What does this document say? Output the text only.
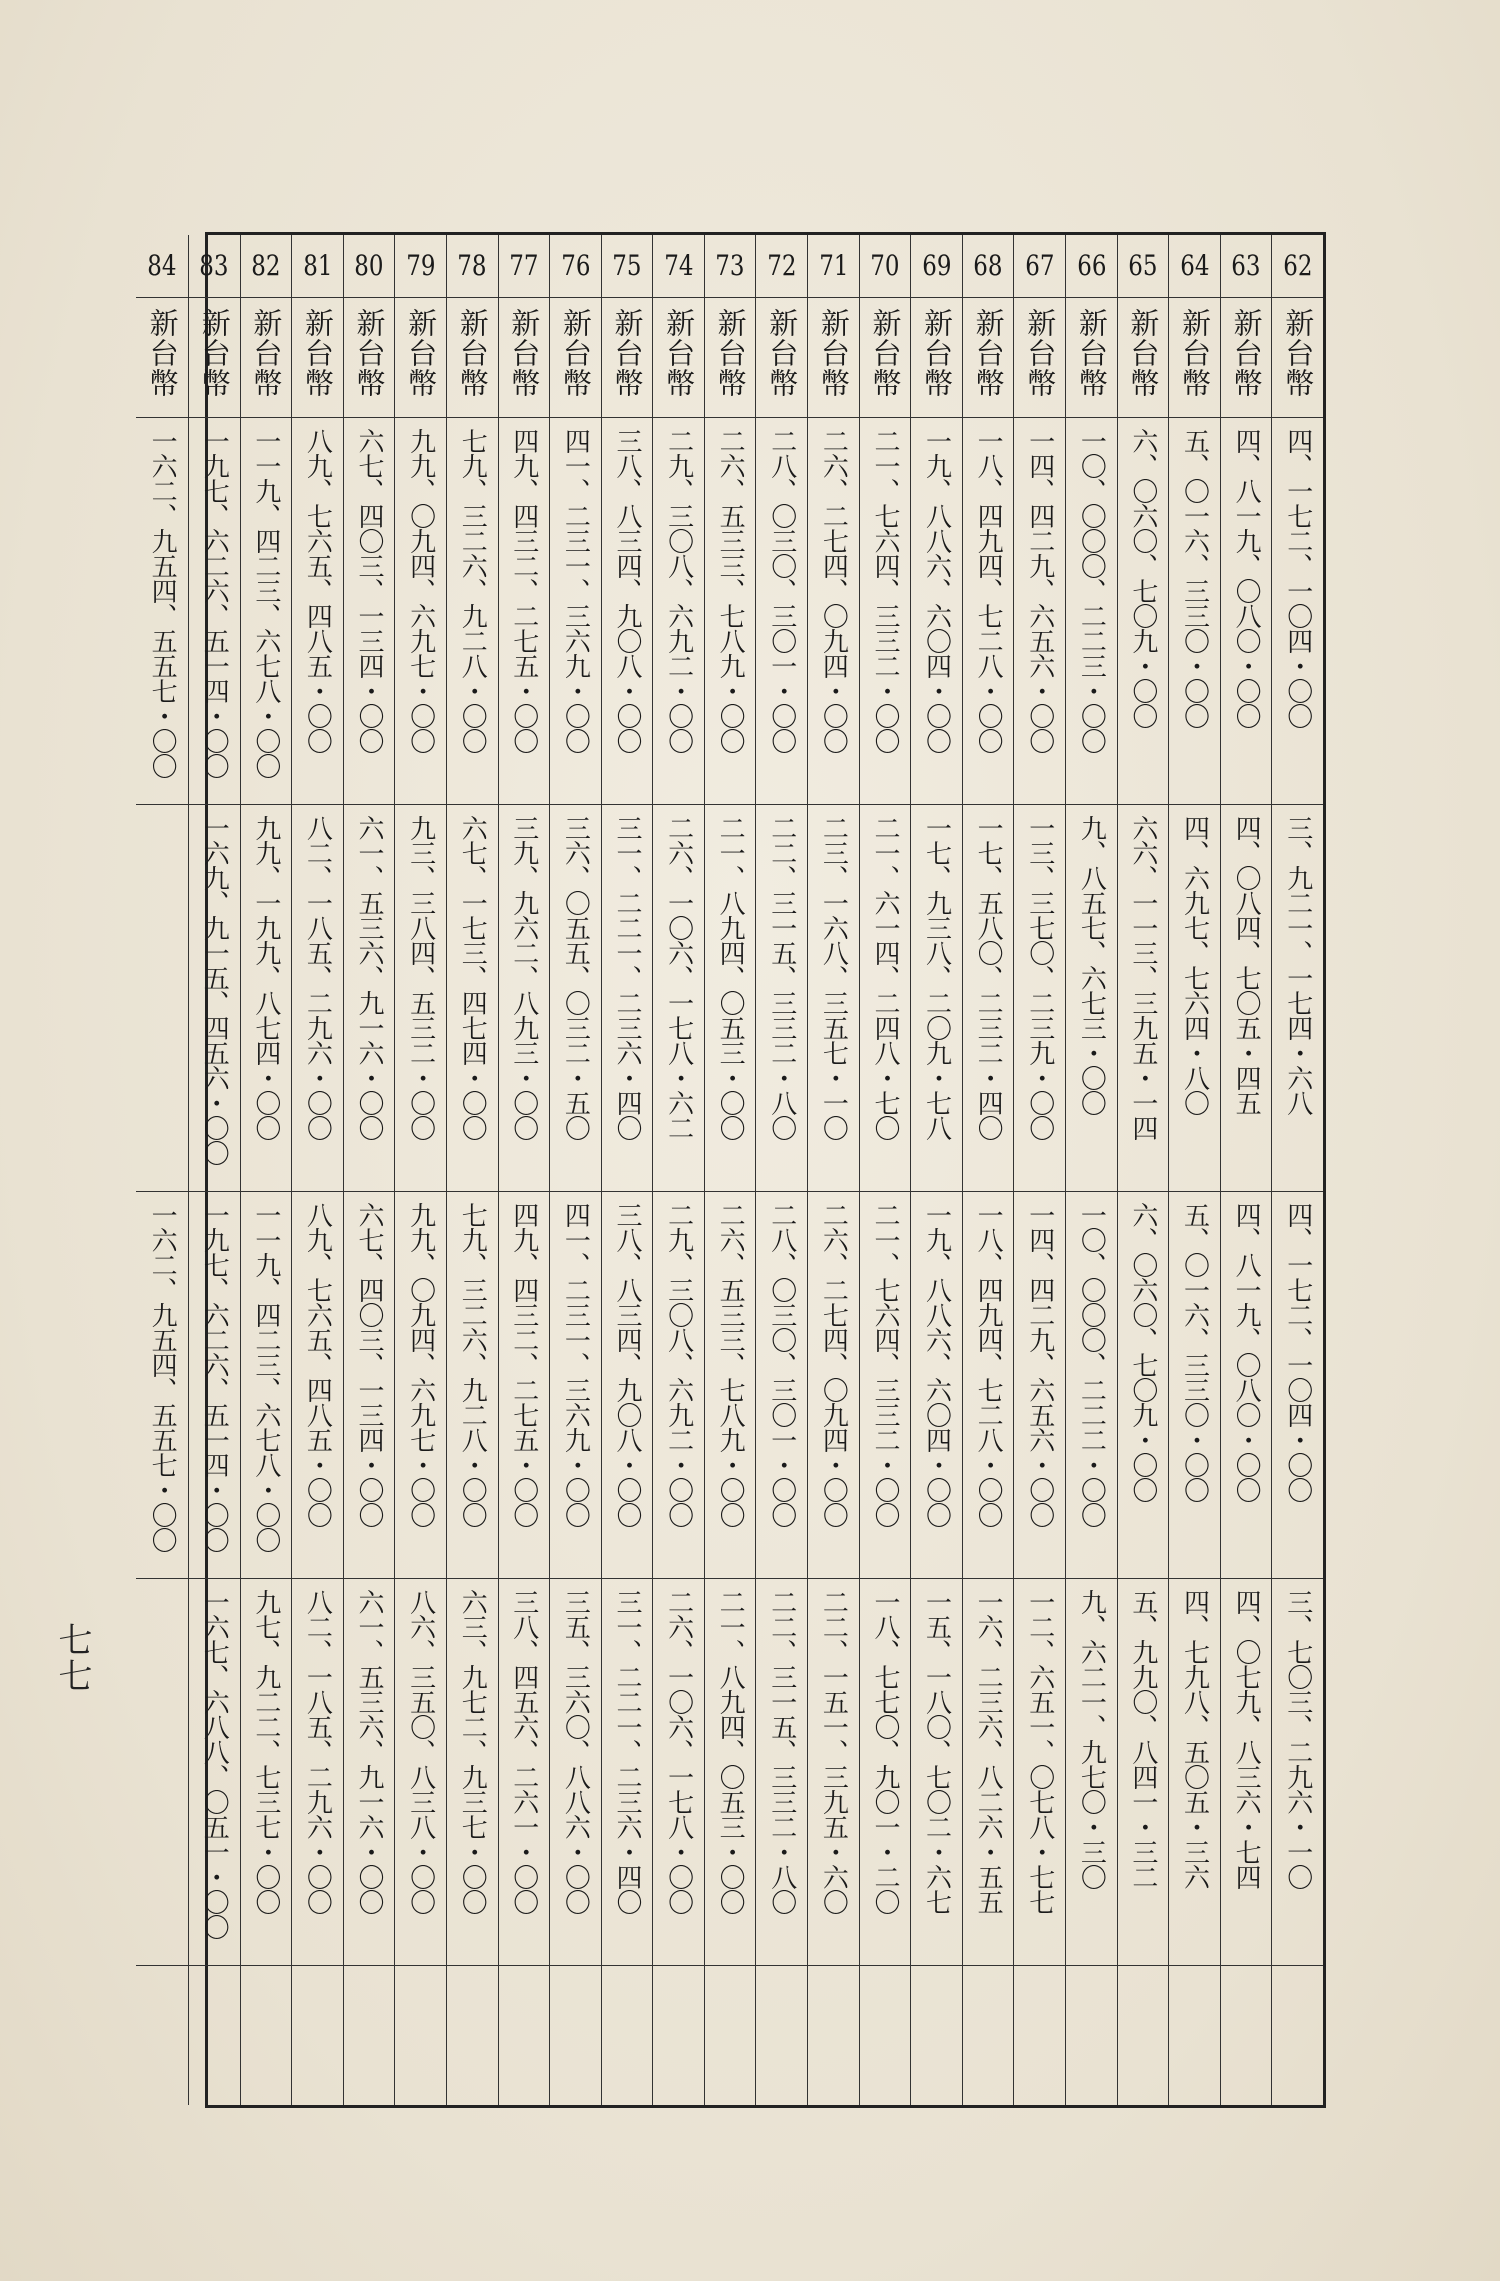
62
新台幣
四、一七二、一〇四・〇〇
三、九二一、一七四・六八
四、一七二、一〇四・〇〇
三、七〇三、二九六・一〇
63
新台幣
四、八一九、〇八〇・〇〇
四、〇八四、七〇五・四五
四、八一九、〇八〇・〇〇
四、〇七九、八三六・七四
64
新台幣
五、〇一六、三三〇・〇〇
四、六九七、七六四・八〇
五、〇一六、三三〇・〇〇
四、七九八、五〇五・三六
65
新台幣
六、〇六〇、七〇九・〇〇
六六、一一三、三九五・一四
六、〇六〇、七〇九・〇〇
五、九九〇、八四一・三二
66
新台幣
一〇、〇〇〇、二二三・〇〇
九、八五七、六七三・〇〇
一〇、〇〇〇、二二二・〇〇
九、六二一、九七〇・三〇
67
新台幣
一四、四二九、六五六・〇〇
一三、三七〇、二三九・〇〇
一四、四二九、六五六・〇〇
一二、六五一、〇七八・七七
68
新台幣
一八、四九四、七二八・〇〇
一七、五八〇、二三二・四〇
一八、四九四、七二八・〇〇
一六、二三六、八二六・五五
69
新台幣
一九、八八六、六〇四・〇〇
一七、九三八、二〇九・七八
一九、八八六、六〇四・〇〇
一五、一八〇、七〇二・六七
70
新台幣
二一、七六四、三三二・〇〇
二一、六一四、二四八・七〇
二一、七六四、三三二・〇〇
一八、七七〇、九〇一・二〇
71
新台幣
二六、二七四、〇九四・〇〇
二三、一六八、三五七・一〇
二六、二七四、〇九四・〇〇
二二、一五一、三九五・六〇
72
新台幣
二八、〇三〇、三〇一・〇〇
二二、三一五、三三二・八〇
二八、〇三〇、三〇一・〇〇
二二、三一五、三三二・八〇
73
新台幣
二六、五三三、七八九・〇〇
二一、八九四、〇五三・〇〇
二六、五三三、七八九・〇〇
二一、八九四、〇五三・〇〇
74
新台幣
二九、三〇八、六九二・〇〇
二六、一〇六、一七八・六二
二九、三〇八、六九二・〇〇
二六、一〇六、一七八・〇〇
75
新台幣
三八、八三四、九〇八・〇〇
三一、二二一、二三六・四〇
三八、八三四、九〇八・〇〇
三一、二二一、二三六・四〇
76
新台幣
四一、二三一、三六九・〇〇
三六、〇五五、〇三二・五〇
四一、二三一、三六九・〇〇
三五、三六〇、八八六・〇〇
77
新台幣
四九、四三二、二七五・〇〇
三九、九六二、八九三・〇〇
四九、四三二、二七五・〇〇
三八、四五六、二六一・〇〇
78
新台幣
七九、三二六、九二八・〇〇
六七、一七三、四七四・〇〇
七九、三二六、九二八・〇〇
六三、九七二、九三七・〇〇
79
新台幣
九九、〇九四、六九七・〇〇
九三、三八四、五三二・〇〇
九九、〇九四、六九七・〇〇
八六、三五〇、八三八・〇〇
80
新台幣
六七、四〇三、一三四・〇〇
六一、五三六、九一六・〇〇
六七、四〇三、一三四・〇〇
六一、五三六、九一六・〇〇
81
新台幣
八九、七六五、四八五・〇〇
八二、一八五、二九六・〇〇
八九、七六五、四八五・〇〇
八二、一八五、二九六・〇〇
82
新台幣
一一九、四二三、六七八・〇〇
九九、一九九、八七四・〇〇
一一九、四二三、六七八・〇〇
九七、九二二、七三七・〇〇
83
新台幣
一九七、六二六、五一四・〇〇
一六九、九一五、四五六・〇〇
一九七、六二六、五一四・〇〇
一六七、六八八、〇五一・〇〇
84
新台幣
一六二、九五四、五五七・〇〇
一六二、九五四、五五七・〇〇
七七
